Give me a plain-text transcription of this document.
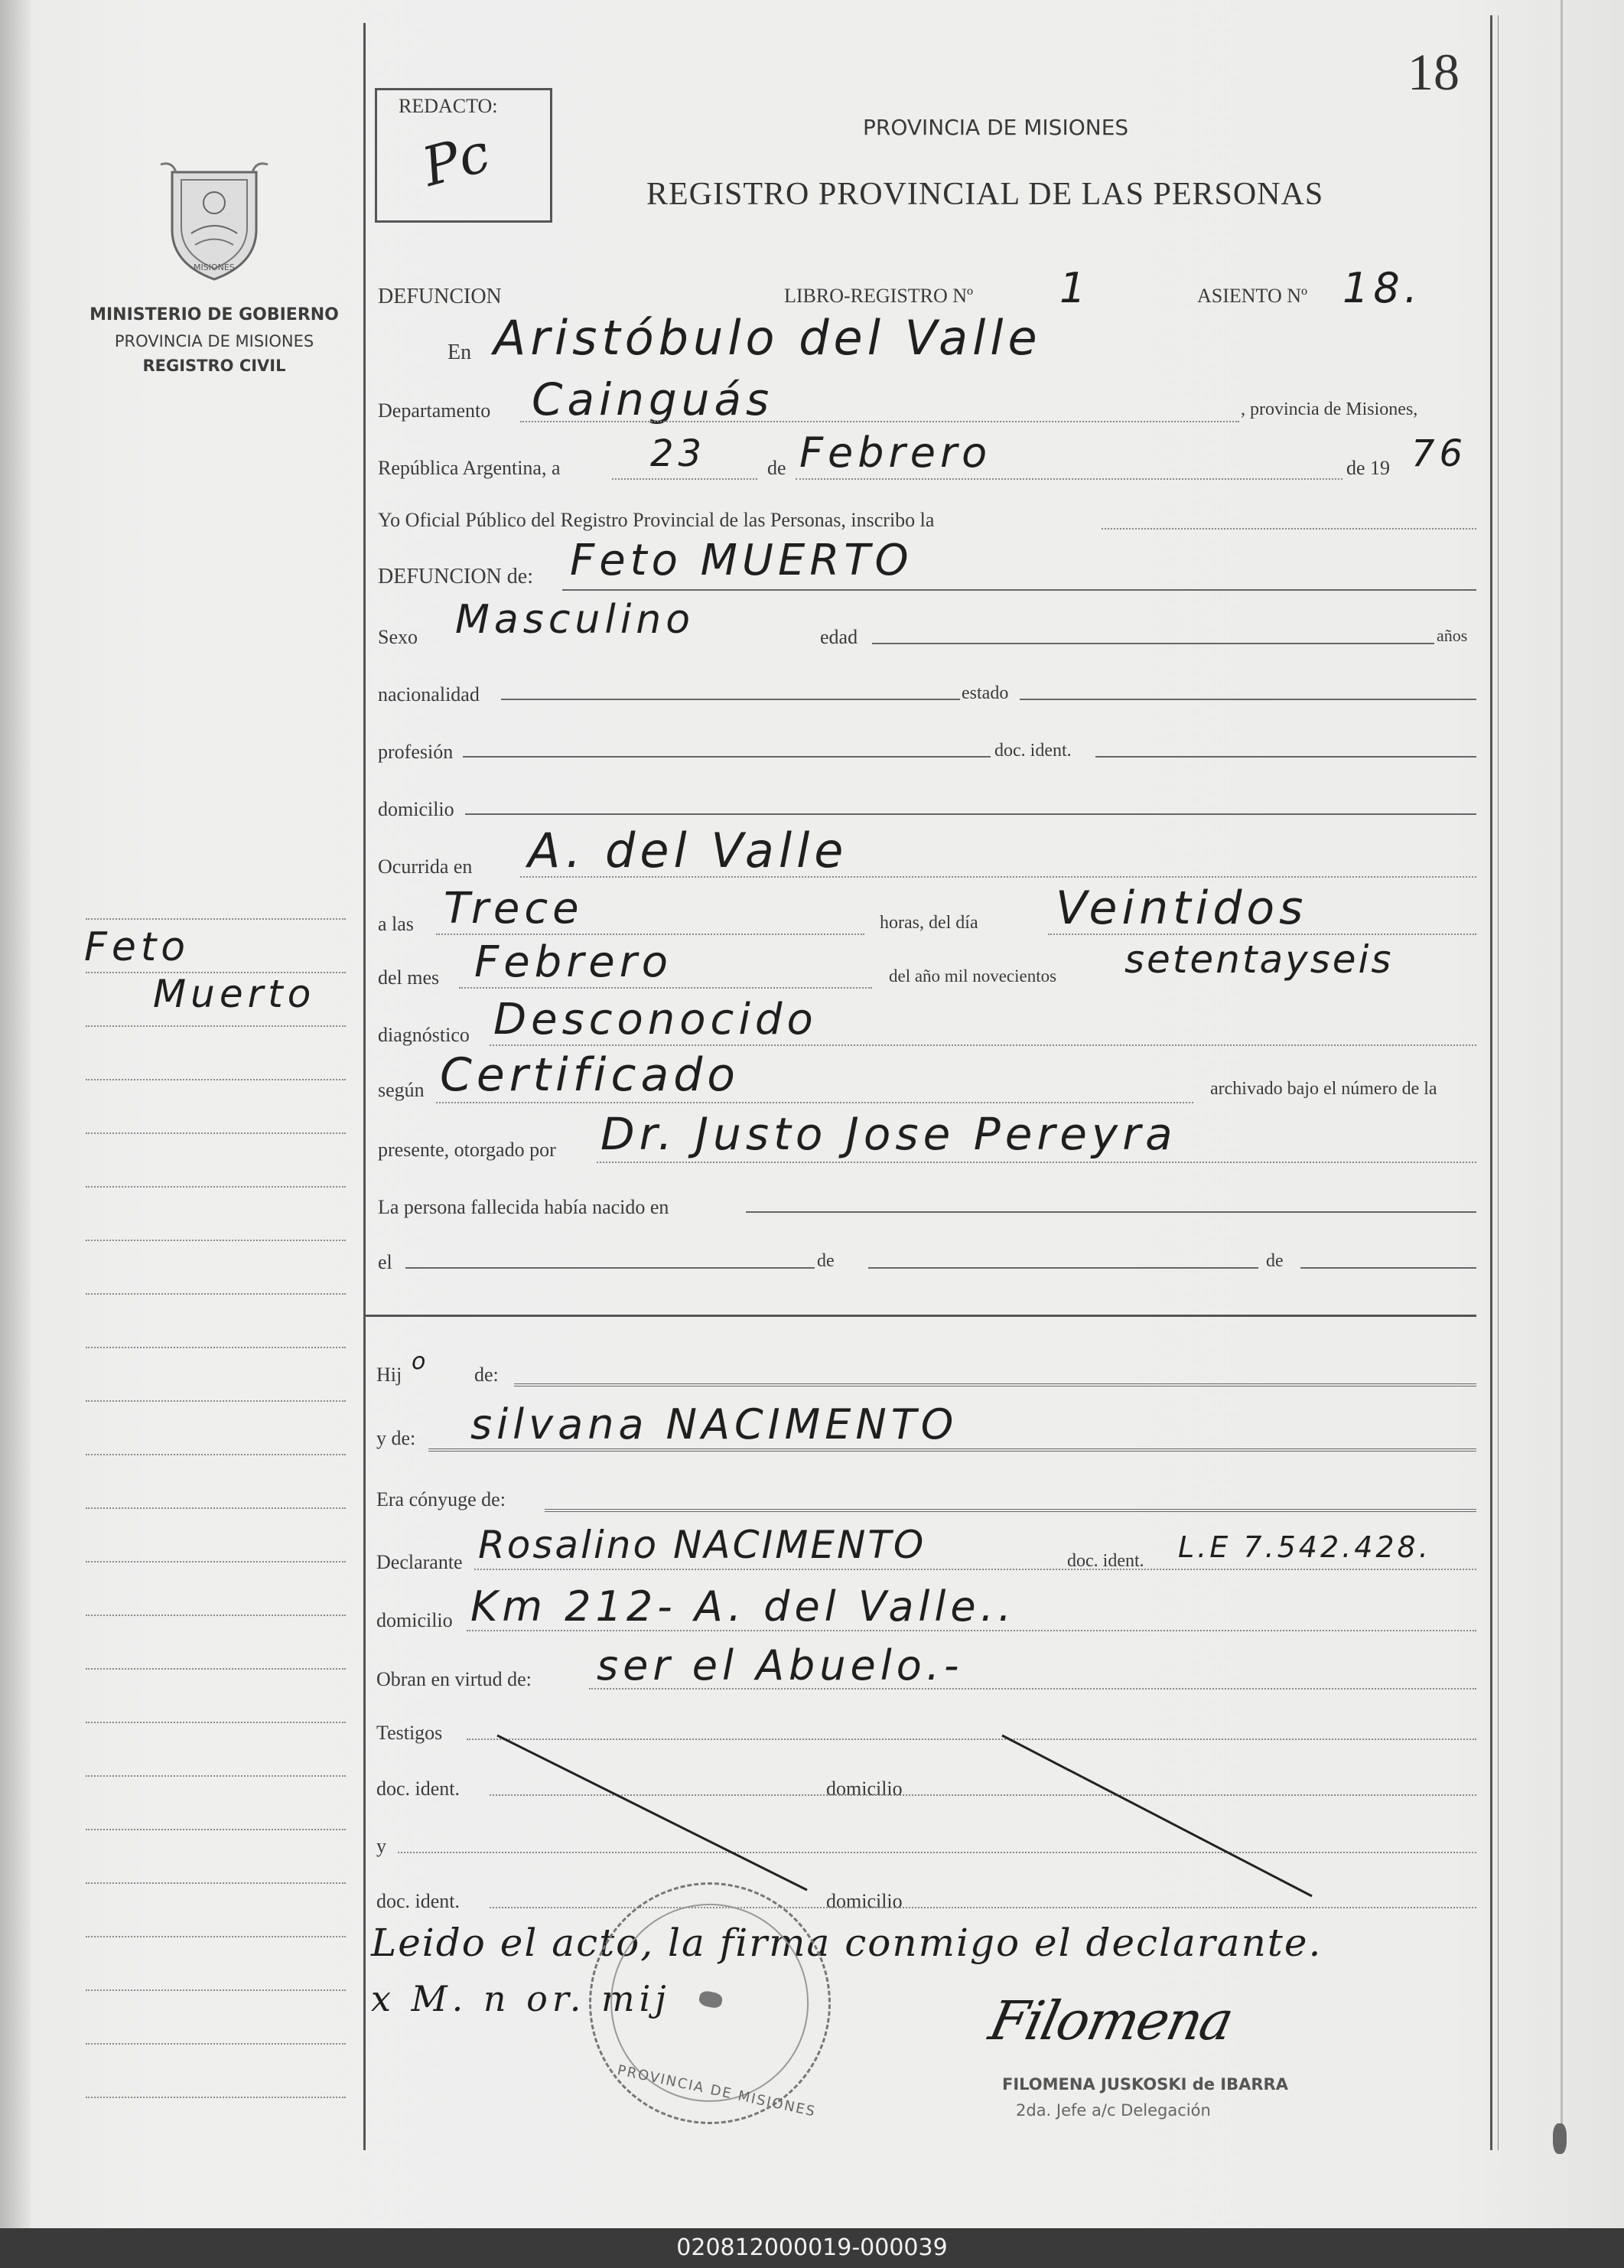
18
REDACTO:
Pc
MISIONES
MINISTERIO DE GOBIERNO
PROVINCIA DE MISIONES
REGISTRO CIVIL
PROVINCIA DE MISIONES
REGISTRO PROVINCIAL DE LAS PERSONAS
DEFUNCION	LIBRO-REGISTRO Nº 1	ASIENTO Nº 18.
En Aristóbulo del Valle
Departamento Cainguás	, provincia de Misiones,
República Argentina, a 23	de Febrero	de 19 76
Yo Oficial Público del Registro Provincial de las Personas, inscribo la
DEFUNCION de: Feto MUERTO
Sexo Masculino	edad	años
nacionalidad	estado
profesión	doc. ident.
domicilio
Ocurrida en A. del Valle
a las Trece	horas, del día Veintidos
del mes Febrero	del año mil novecientos setentayseis
diagnóstico Desconocido
según Certificado	archivado bajo el número de la
presente, otorgado por Dr. Justo Jose Pereyra
La persona fallecida había nacido en
el	de	de
Hij o de:
y de: silvana NACIMENTO
Era cónyuge de:
Declarante Rosalino NACIMENTO	doc. ident. L.E 7.542.428.
domicilio Km 212- A. del Valle..
Obran en virtud de: ser el Abuelo.-
Testigos
doc. ident.	domicilio
y
doc. ident.	domicilio
Leido el acto, la firma conmigo el declarante.
x M. n or. mij
PROVINCIA DE MISIONES
Filomena
FILOMENA JUSKOSKI de IBARRA
2da. Jefe a/c Delegación
Feto
Muerto
020812000019-000039
